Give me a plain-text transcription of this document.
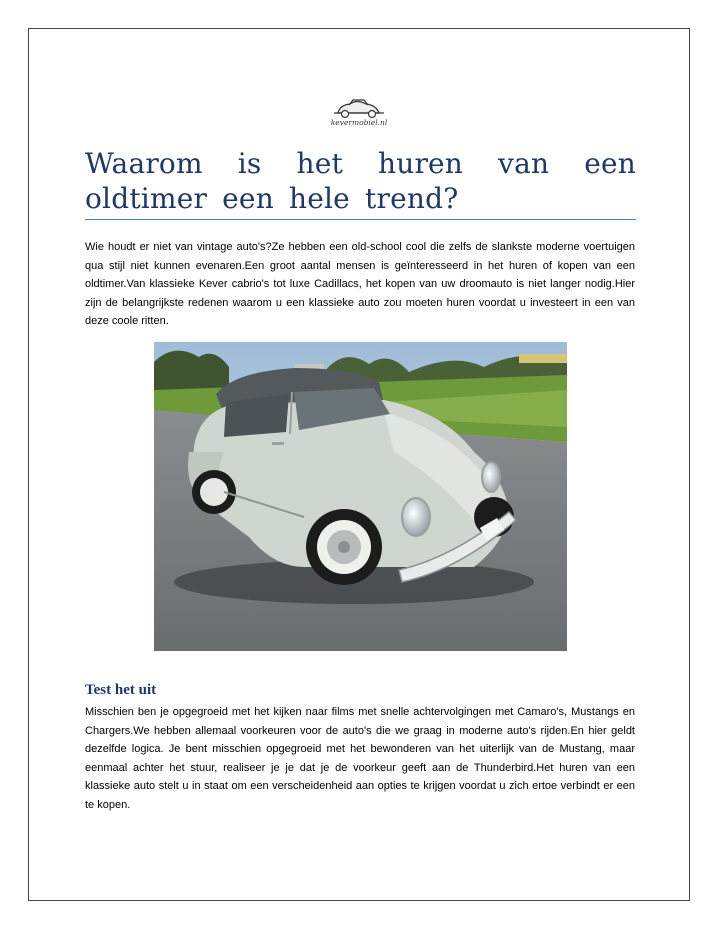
kevermobiel.nl
Waarom is het huren van een oldtimer een hele trend?
Wie houdt er niet van vintage auto's?Ze hebben een old-school cool die zelfs de slankste moderne voertuigen qua stijl niet kunnen evenaren.Een groot aantal mensen is geïnteresseerd in het huren of kopen van een oldtimer.Van klassieke Kever cabrio's tot luxe Cadillacs, het kopen van uw droomauto is niet langer nodig.Hier zijn de belangrijkste redenen waarom u een klassieke auto zou moeten huren voordat u investeert in een van deze coole ritten.
Test het uit
Misschien ben je opgegroeid met het kijken naar films met snelle achtervolgingen met Camaro's, Mustangs en Chargers.We hebben allemaal voorkeuren voor de auto's die we graag in moderne auto's rijden.En hier geldt dezelfde logica. Je bent misschien opgegroeid met het bewonderen van het uiterlijk van de Mustang, maar eenmaal achter het stuur, realiseer je je dat je de voorkeur geeft aan de Thunderbird.Het huren van een klassieke auto stelt u in staat om een verscheidenheid aan opties te krijgen voordat u zich ertoe verbindt er een te kopen.
